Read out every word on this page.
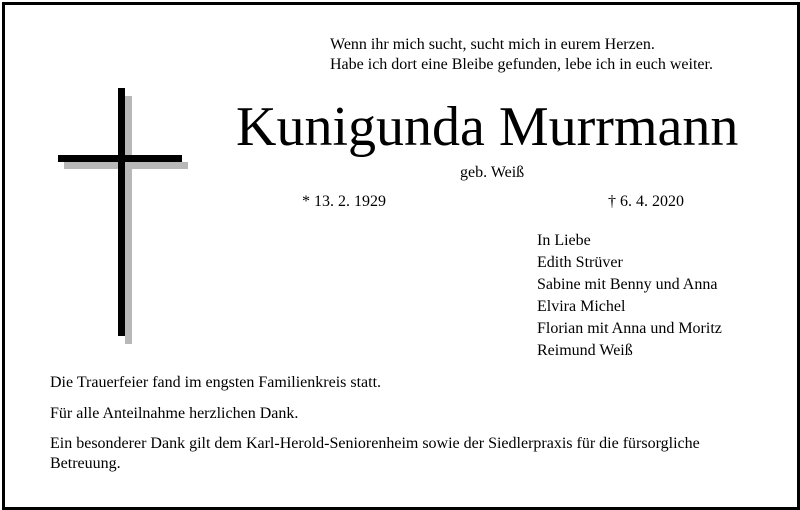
Wenn ihr mich sucht, sucht mich in eurem Herzen.
Habe ich dort eine Bleibe gefunden, lebe ich in euch weiter.
Kunigunda Murrmann
geb. Weiß
* 13. 2. 1929	† 6. 4. 2020
In Liebe
Edith Strüver
Sabine mit Benny und Anna
Elvira Michel
Florian mit Anna und Moritz
Reimund Weiß
Die Trauerfeier fand im engsten Familienkreis statt.
Für alle Anteilnahme herzlichen Dank.
Ein besonderer Dank gilt dem Karl-Herold-Seniorenheim sowie der Siedlerpraxis für die fürsorgliche Betreuung.
